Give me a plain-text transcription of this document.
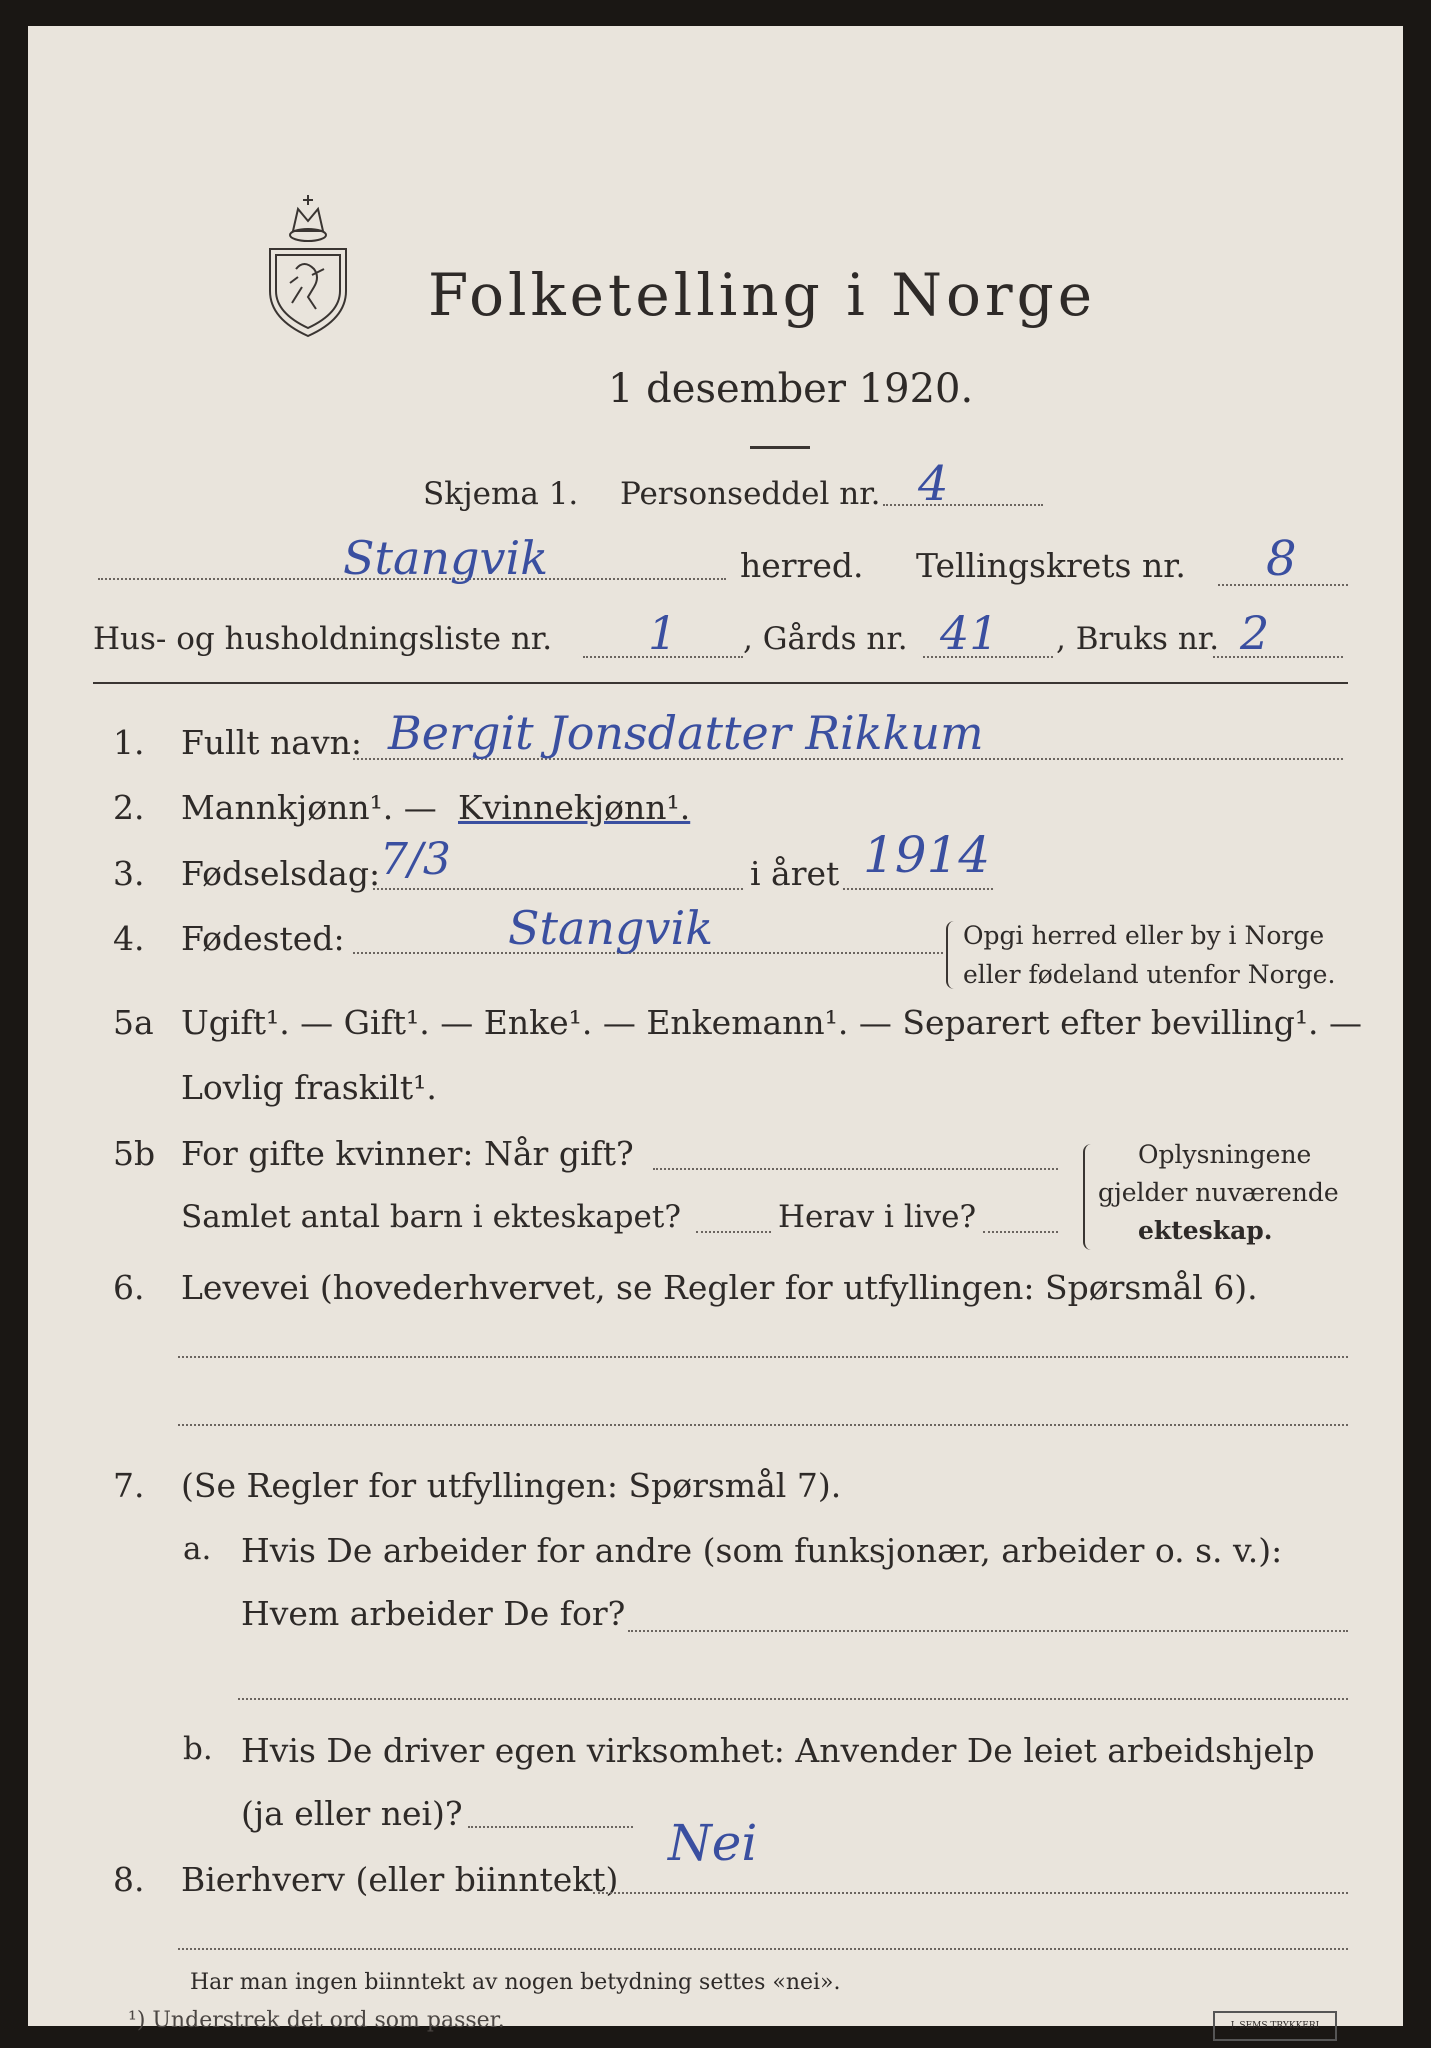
Folketelling i Norge
1 desember 1920.
Skjema 1. Personseddel nr. 4
Stangvik	herred. Tellingskrets nr. 8
Hus- og husholdningsliste nr. 1 , Gårds nr. 41 , Bruks nr. 2
1. Fullt navn: Bergit Jonsdatter Rikkum
2. Mannkjønn¹. — Kvinnekjønn¹.
3. Fødselsdag: 7/3	i året 1914
4. Fødested:	Stangvik	Opgi herred eller by i Norge
eller fødeland utenfor Norge.
5a Ugift¹. — Gift¹. — Enke¹. — Enkemann¹. — Separert efter bevilling¹. —
Lovlig fraskilt¹.
5b For gifte kvinner: Når gift?
Samlet antal barn i ekteskapet?	Herav i live?
Oplysningene
gjelder nuværende
ekteskap.
6. Levevei (hovederhvervet, se Regler for utfyllingen: Spørsmål 6).
7. (Se Regler for utfyllingen: Spørsmål 7).
a. Hvis De arbeider for andre (som funksjonær, arbeider o. s. v.):
Hvem arbeider De for?
b. Hvis De driver egen virksomhet: Anvender De leiet arbeidshjelp
(ja eller nei)?
8. Bierhverv (eller biinntekt)
Nei
Har man ingen biinntekt av nogen betydning settes «nei».
¹) Understrek det ord som passer.	J. SEMS TRYKKERI
